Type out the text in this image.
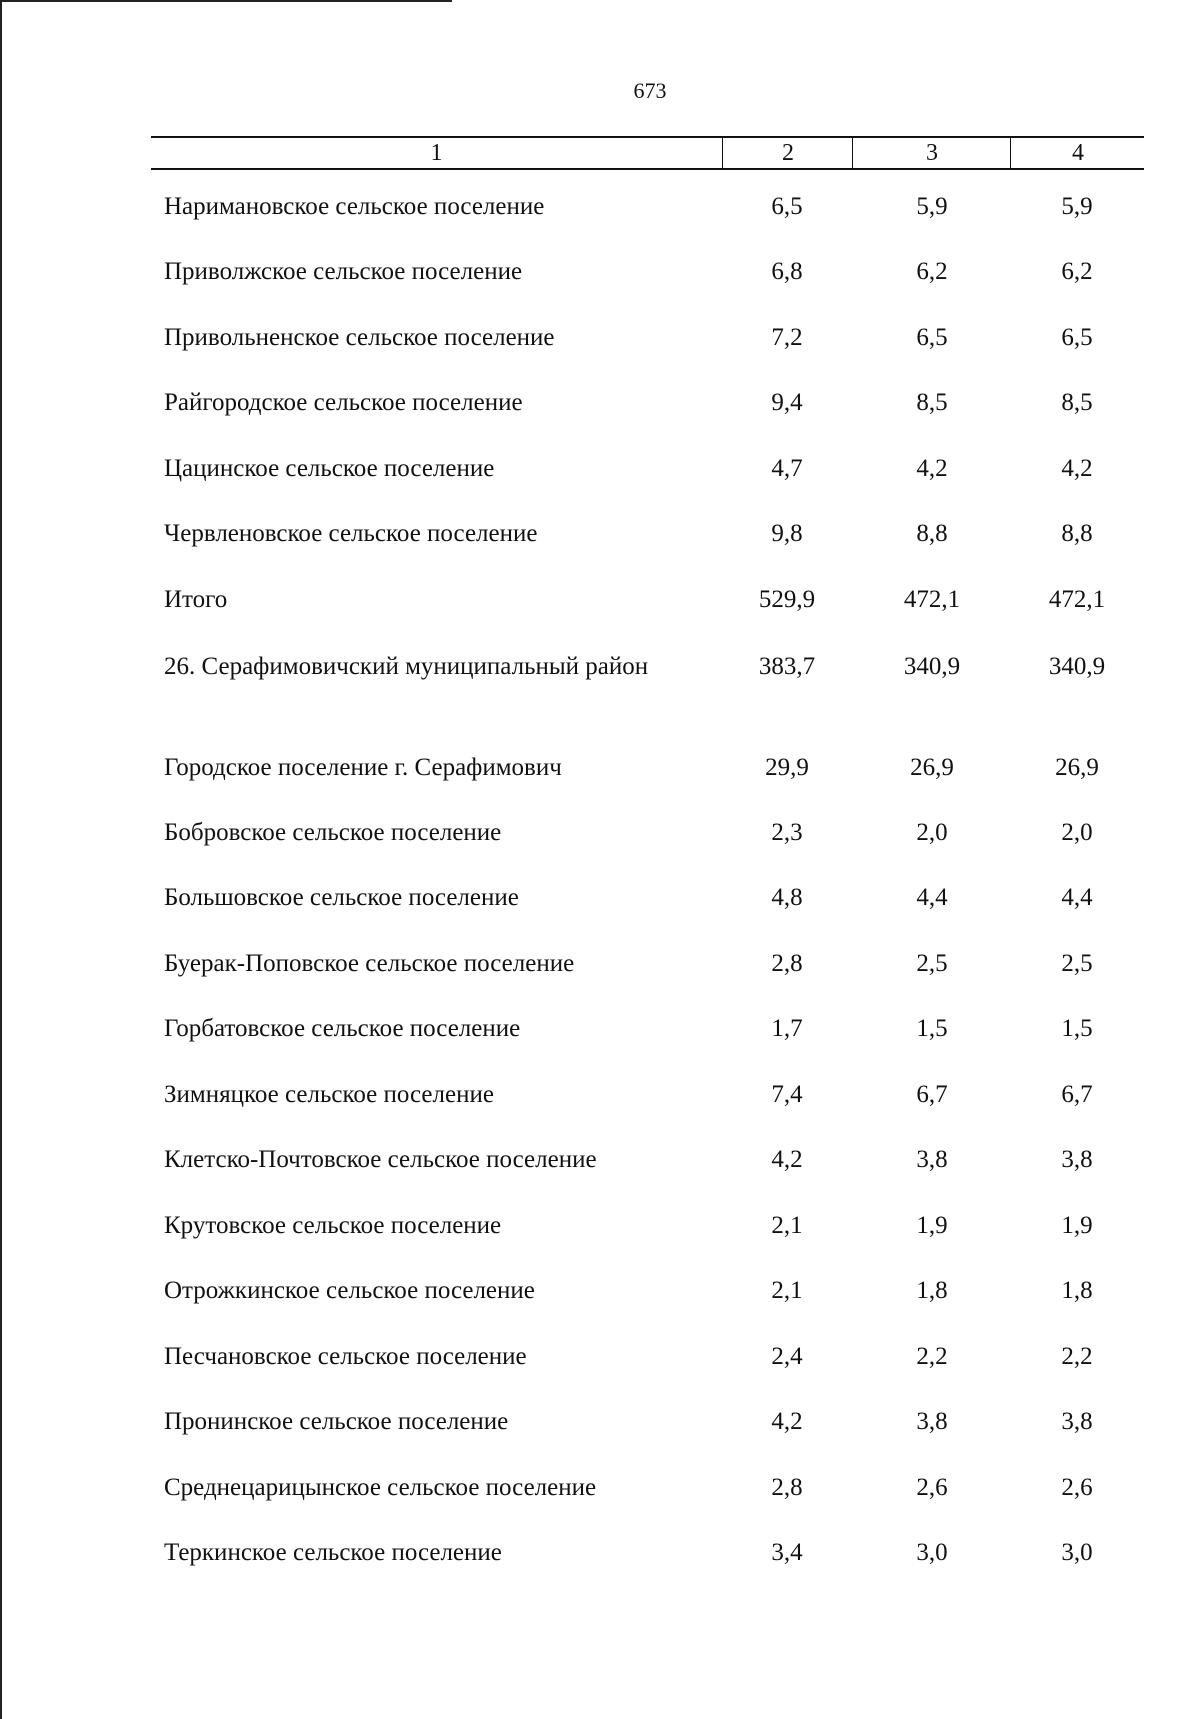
673
1	2	3	4
Наримановское сельское поселение	6,5	5,9	5,9
Приволжское сельское поселение	6,8	6,2	6,2
Привольненское сельское поселение	7,2	6,5	6,5
Райгородское сельское поселение	9,4	8,5	8,5
Цацинское сельское поселение	4,7	4,2	4,2
Червленовское сельское поселение	9,8	8,8	8,8
Итого	529,9	472,1	472,1
26. Серафимовичский муниципальный район	383,7	340,9	340,9
Городское поселение г. Серафимович	29,9	26,9	26,9
Бобровское сельское поселение	2,3	2,0	2,0
Большовское сельское поселение	4,8	4,4	4,4
Буерак-Поповское сельское поселение	2,8	2,5	2,5
Горбатовское сельское поселение	1,7	1,5	1,5
Зимняцкое сельское поселение	7,4	6,7	6,7
Клетско-Почтовское сельское поселение	4,2	3,8	3,8
Крутовское сельское поселение	2,1	1,9	1,9
Отрожкинское сельское поселение	2,1	1,8	1,8
Песчановское сельское поселение	2,4	2,2	2,2
Пронинское сельское поселение	4,2	3,8	3,8
Среднецарицынское сельское поселение	2,8	2,6	2,6
Теркинское сельское поселение	3,4	3,0	3,0
